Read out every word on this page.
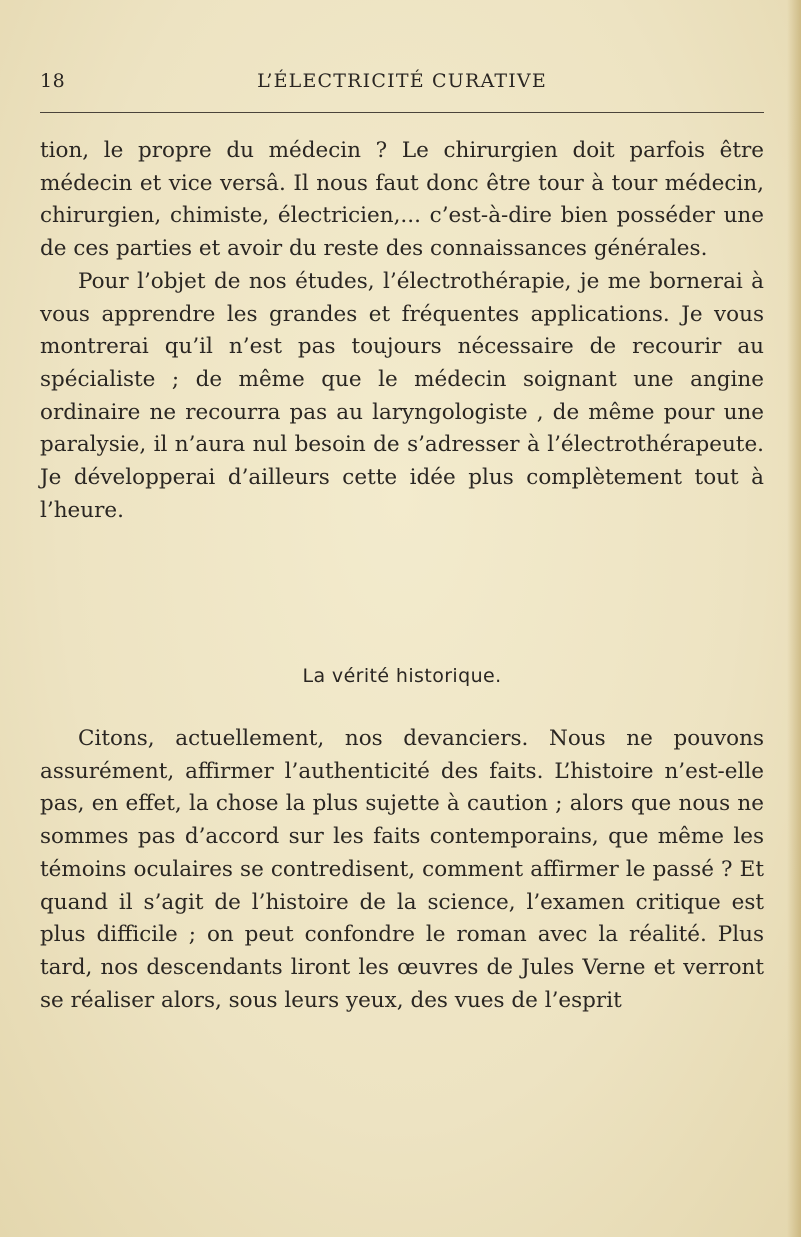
18	L’ÉLECTRICITÉ CURATIVE

tion, le propre du médecin ? Le chirurgien doit parfois être médecin et vice versâ. Il nous faut donc être tour à tour médecin, chirurgien, chimiste, électricien,... c’est-à-dire bien posséder une de ces parties et avoir du reste des connaissances générales.

Pour l’objet de nos études, l’électrothérapie, je me bornerai à vous apprendre les grandes et fréquentes applications. Je vous montrerai qu’il n’est pas toujours nécessaire de recourir au spécialiste ; de même que le médecin soignant une angine ordinaire ne recourra pas au laryngologiste , de même pour une paralysie, il n’aura nul besoin de s’adresser à l’électrothérapeute. Je développerai d’ailleurs cette idée plus complètement tout à l’heure.

La vérité historique.

Citons, actuellement, nos devanciers. Nous ne pouvons assurément, affirmer l’authenticité des faits. L’histoire n’est-elle pas, en effet, la chose la plus sujette à caution ; alors que nous ne sommes pas d’accord sur les faits contemporains, que même les témoins oculaires se contredisent, comment affirmer le passé ? Et quand il s’agit de l’histoire de la science, l’examen critique est plus difficile ; on peut confondre le roman avec la réalité. Plus tard, nos descendants liront les œuvres de Jules Verne et verront se réaliser alors, sous leurs yeux, des vues de l’esprit
